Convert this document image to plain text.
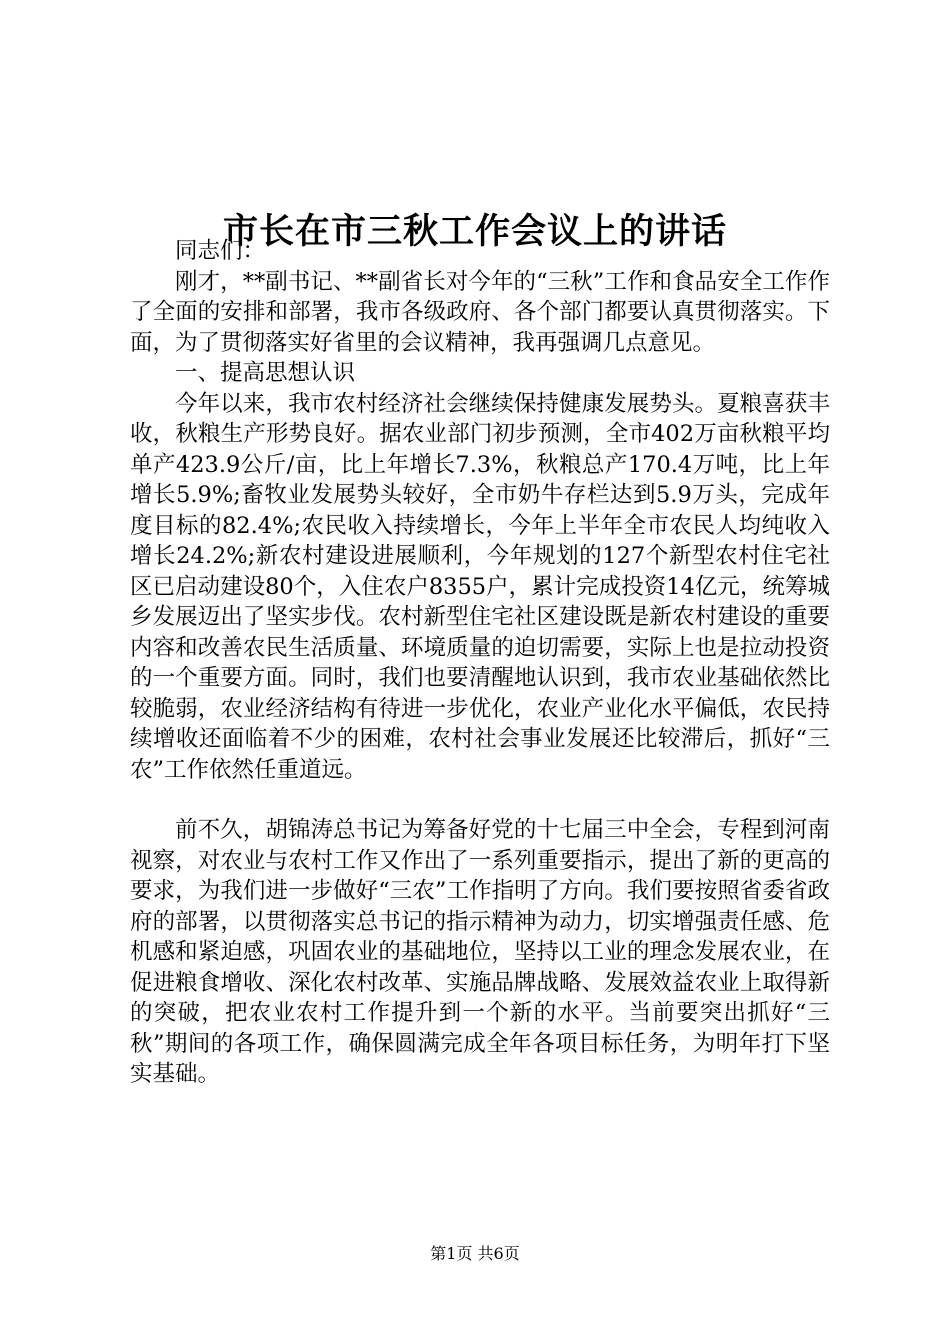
市长在市三秋工作会议上的讲话

同志们：

刚才，**副书记、**副省长对今年的“三秋”工作和食品安全工作作了全面的安排和部署，我市各级政府、各个部门都要认真贯彻落实。下面，为了贯彻落实好省里的会议精神，我再强调几点意见。

一、提高思想认识

今年以来，我市农村经济社会继续保持健康发展势头。夏粮喜获丰收，秋粮生产形势良好。据农业部门初步预测，全市402万亩秋粮平均单产423.9公斤/亩，比上年增长7.3%，秋粮总产170.4万吨，比上年增长5.9%;畜牧业发展势头较好，全市奶牛存栏达到5.9万头，完成年度目标的82.4%;农民收入持续增长，今年上半年全市农民人均纯收入增长24.2%;新农村建设进展顺利，今年规划的127个新型农村住宅社区已启动建设80个，入住农户8355户，累计完成投资14亿元，统筹城乡发展迈出了坚实步伐。农村新型住宅社区建设既是新农村建设的重要内容和改善农民生活质量、环境质量的迫切需要，实际上也是拉动投资的一个重要方面。同时，我们也要清醒地认识到，我市农业基础依然比较脆弱，农业经济结构有待进一步优化，农业产业化水平偏低，农民持续增收还面临着不少的困难，农村社会事业发展还比较滞后，抓好“三农”工作依然任重道远。

前不久，胡锦涛总书记为筹备好党的十七届三中全会，专程到河南视察，对农业与农村工作又作出了一系列重要指示，提出了新的更高的要求，为我们进一步做好“三农”工作指明了方向。我们要按照省委省政府的部署，以贯彻落实总书记的指示精神为动力，切实增强责任感、危机感和紧迫感，巩固农业的基础地位，坚持以工业的理念发展农业，在促进粮食增收、深化农村改革、实施品牌战略、发展效益农业上取得新的突破，把农业农村工作提升到一个新的水平。当前要突出抓好“三秋”期间的各项工作，确保圆满完成全年各项目标任务，为明年打下坚实基础。

第1页 共6页
